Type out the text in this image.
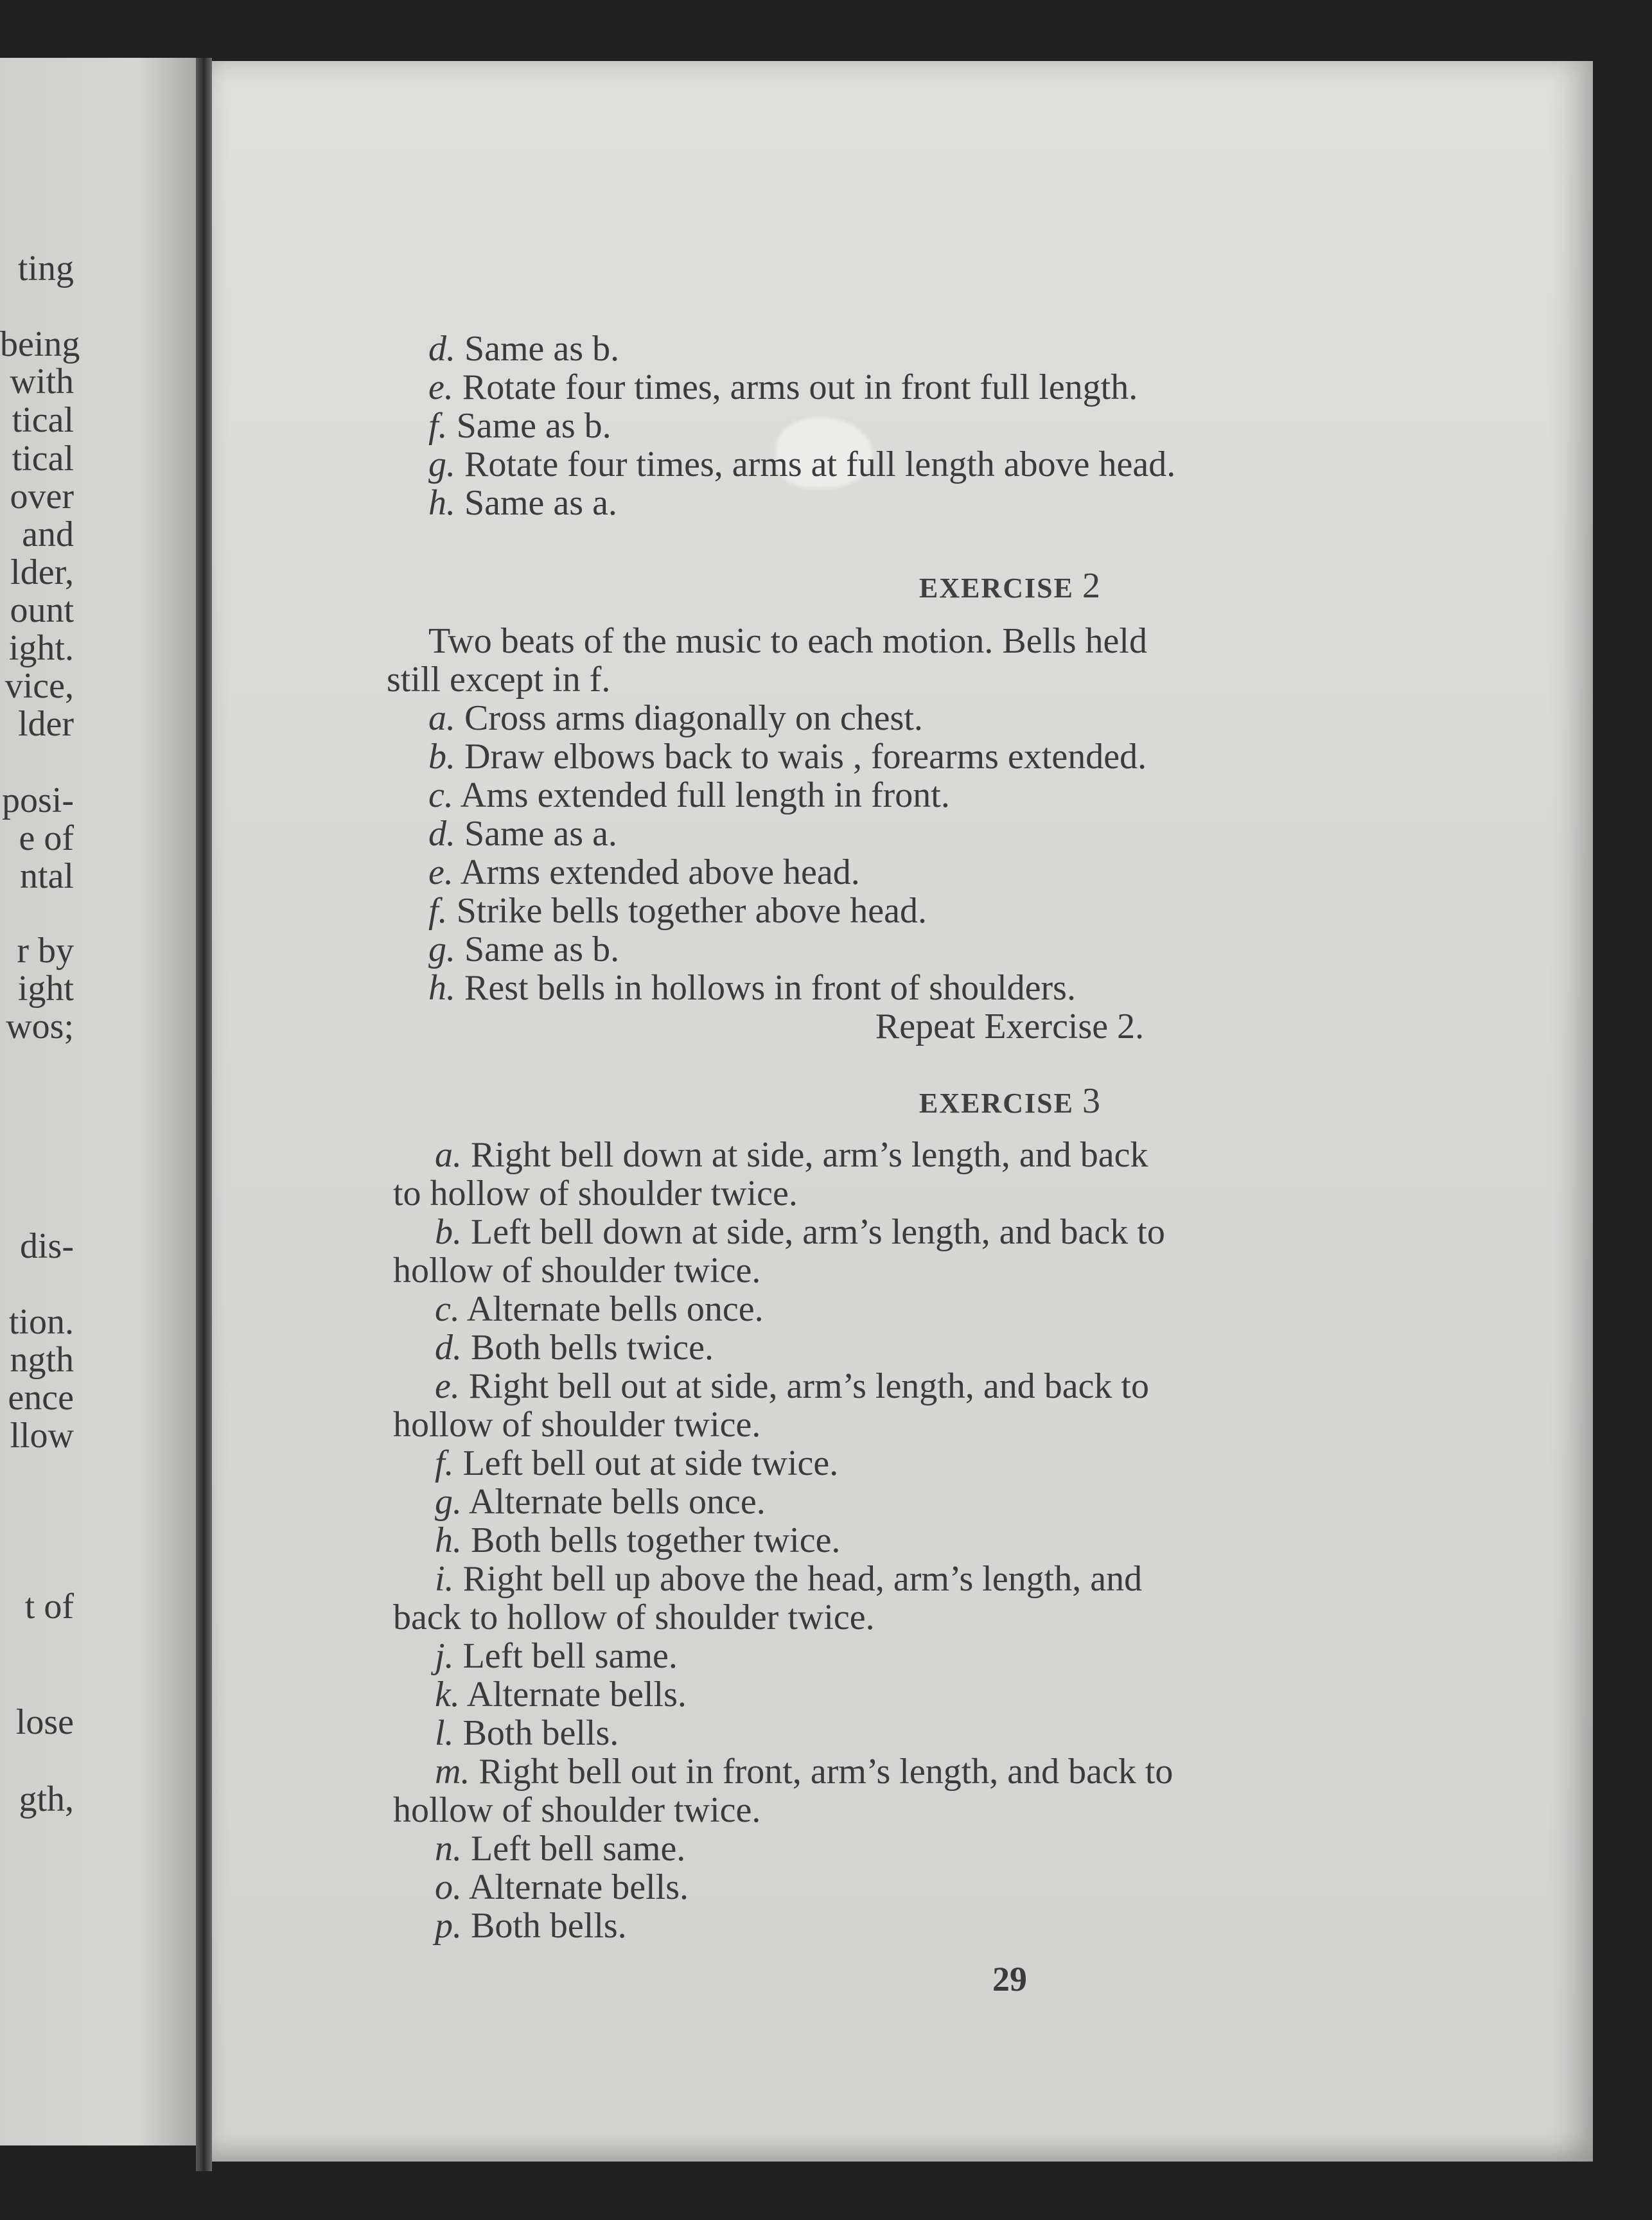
ting
being
with
tical
tical
over
and
lder,
ount
ight.
vice,
lder
posi-
e of
ntal
r by
ight
wos;
dis-
tion.
ngth
ence
llow
t of
lose
gth,
d. Same as b.
e. Rotate four times, arms out in front full length.
f. Same as b.
g. Rotate four times, arms at full length above head.
h. Same as a.
EXERCISE 2
Two beats of the music to each motion. Bells held
still except in f.
a. Cross arms diagonally on chest.
b. Draw elbows back to wais , forearms extended.
c. Ams extended full length in front.
d. Same as a.
e. Arms extended above head.
f. Strike bells together above head.
g. Same as b.
h. Rest bells in hollows in front of shoulders.
Repeat Exercise 2.
EXERCISE 3
a. Right bell down at side, arm’s length, and back
to hollow of shoulder twice.
b. Left bell down at side, arm’s length, and back to
hollow of shoulder twice.
c. Alternate bells once.
d. Both bells twice.
e. Right bell out at side, arm’s length, and back to
hollow of shoulder twice.
f. Left bell out at side twice.
g. Alternate bells once.
h. Both bells together twice.
i. Right bell up above the head, arm’s length, and
back to hollow of shoulder twice.
j. Left bell same.
k. Alternate bells.
l. Both bells.
m. Right bell out in front, arm’s length, and back to
hollow of shoulder twice.
n. Left bell same.
o. Alternate bells.
p. Both bells.
29
